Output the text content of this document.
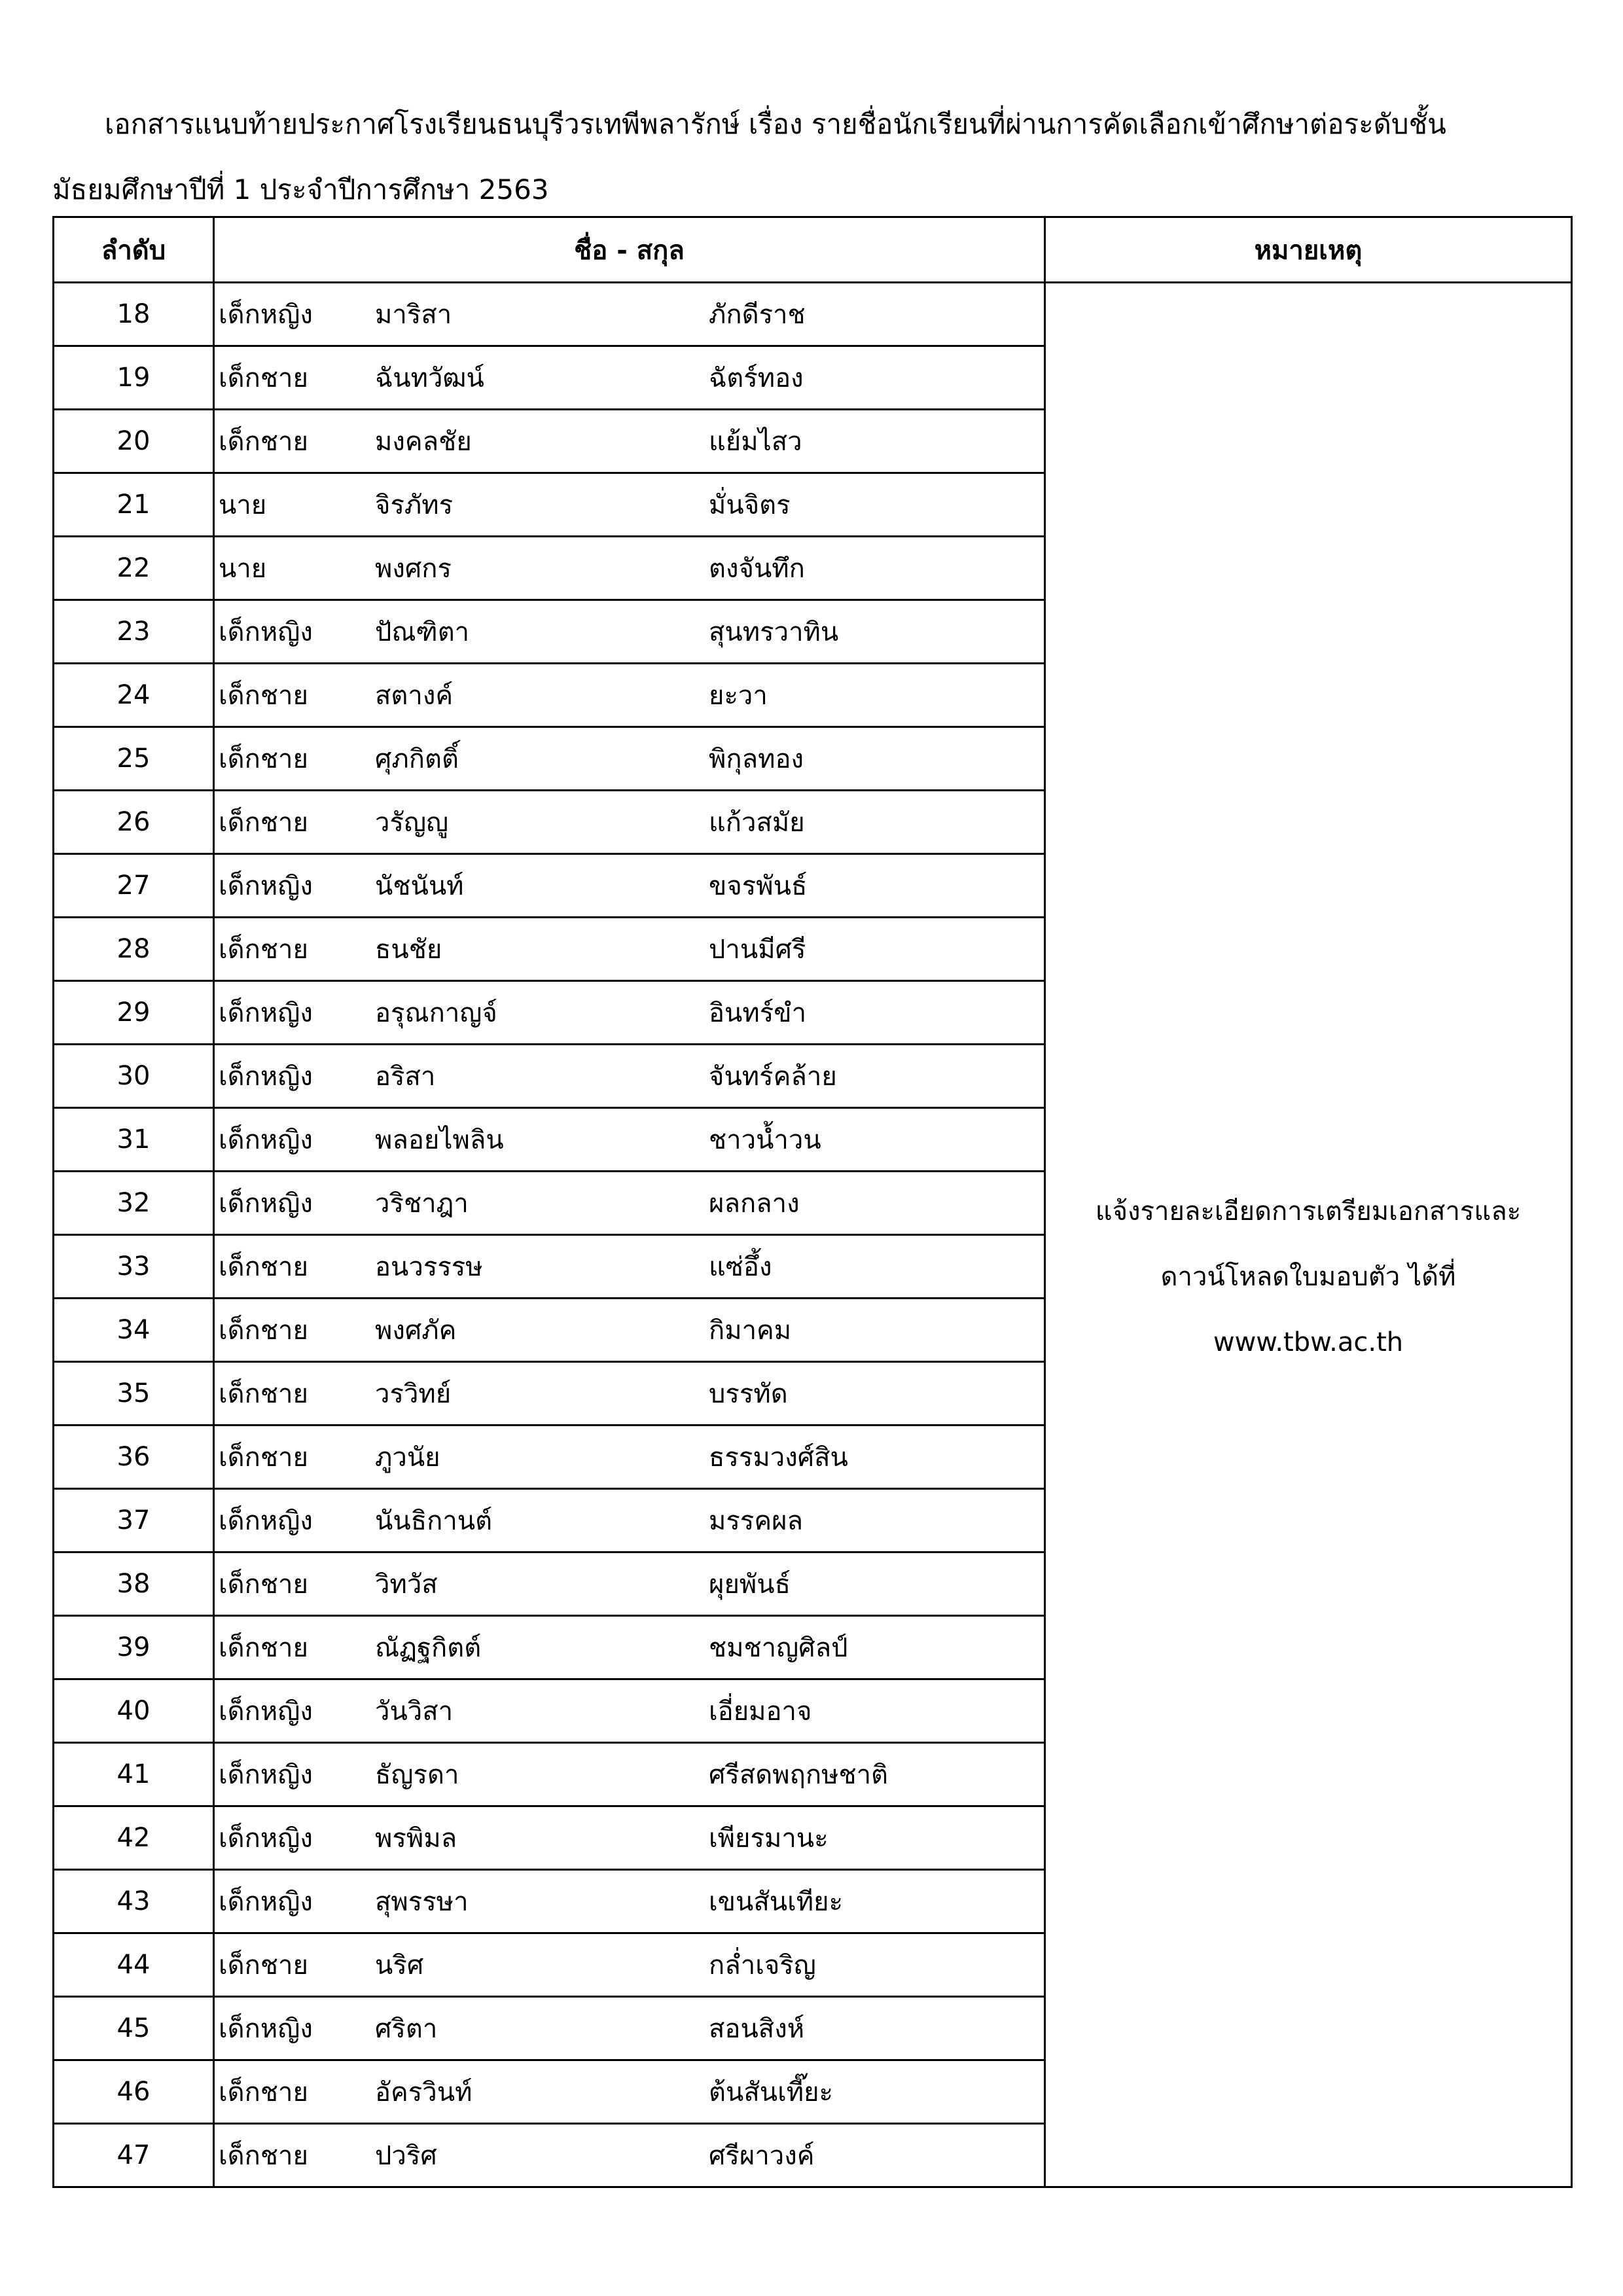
เอกสารแนบท้ายประกาศโรงเรียนธนบุรีวรเทพีพลารักษ์ เรื่อง รายชื่อนักเรียนที่ผ่านการคัดเลือกเข้าศึกษาต่อระดับชั้น
มัธยมศึกษาปีที่ 1 ประจำปีการศึกษา 2563
ลำดับ	ชื่อ - สกุล	หมายเหตุ
18	เด็กหญิง มาริสา ภักดีราช	แจ้งรายละเอียดการเตรียมเอกสารและ
ดาวน์โหลดใบมอบตัว ได้ที่
www.tbw.ac.th

19	เด็กชาย ฉันทวัฒน์ ฉัตร์ทอง	

20	เด็กชาย มงคลชัย แย้มไสว	

21	นาย จิรภัทร มั่นจิตร	

22	นาย พงศกร ตงจันทึก	

23	เด็กหญิง ปัณฑิตา สุนทรวาทิน	

24	เด็กชาย สตางค์ ยะวา	

25	เด็กชาย ศุภกิตติ์ พิกุลทอง	

26	เด็กชาย วรัญญู แก้วสมัย	

27	เด็กหญิง นัชนันท์ ขจรพันธ์	

28	เด็กชาย ธนชัย ปานมีศรี	

29	เด็กหญิง อรุณกาญจ์ อินทร์ขำ	

30	เด็กหญิง อริสา จันทร์คล้าย	

31	เด็กหญิง พลอยไพลิน ชาวน้ำวน	

32	เด็กหญิง วริชาฎา ผลกลาง	

33	เด็กชาย อนวรรรษ แซ่อึ้ง	

34	เด็กชาย พงศภัค กิมาคม	

35	เด็กชาย วรวิทย์ บรรทัด	

36	เด็กชาย ภูวนัย ธรรมวงศ์สิน	

37	เด็กหญิง นันธิกานต์ มรรคผล	

38	เด็กชาย วิทวัส ผุยพันธ์	

39	เด็กชาย ณัฏฐกิตต์ ชมชาญศิลป์	

40	เด็กหญิง วันวิสา เอี่ยมอาจ	

41	เด็กหญิง ธัญรดา ศรีสดพฤกษชาติ	

42	เด็กหญิง พรพิมล เพียรมานะ	

43	เด็กหญิง สุพรรษา เขนสันเทียะ	

44	เด็กชาย นริศ กล่ำเจริญ	

45	เด็กหญิง ศริตา สอนสิงห์	

46	เด็กชาย อัครวินท์ ต้นสันเที๊ยะ	

47	เด็กชาย ปวริศ ศรีผาวงค์	
